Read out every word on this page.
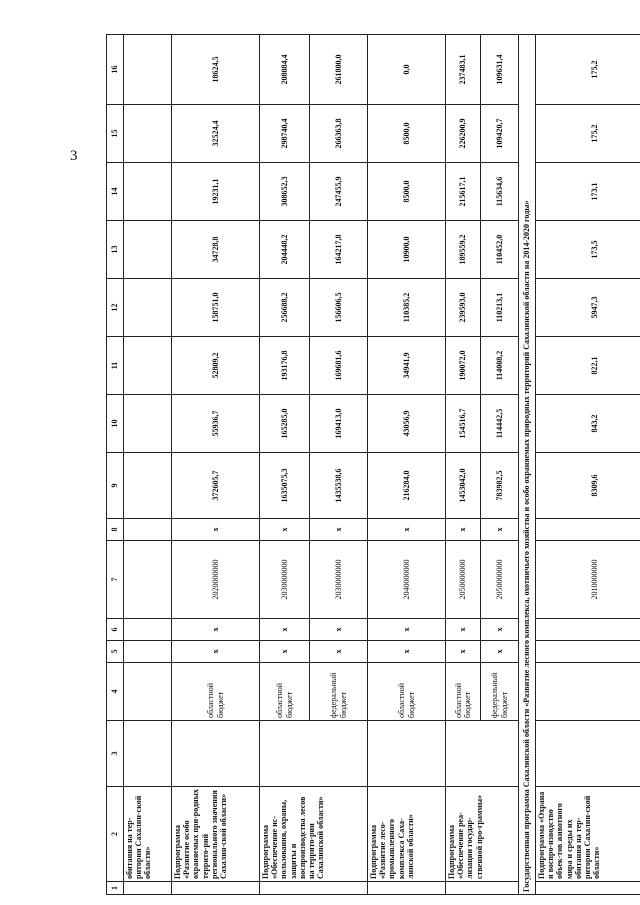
3
1	2	3	4	5	6	7	8	9	10	11	12	13	14	15	16
	обитания на тер-ритории Сахалин-ской области»														
	Подпрограмма «Развитие особо охраняемых при-родных террито-рий регионального значения Сахалин-ской области»		областной бюджет	x	x	2020000000	x	372605,7	55936,7	52809,2	158751,0	34728,8	19231,1	32524,4	18624,5
	Подпрограмма «Обеспечение ис-пользования, охраны, защиты и воспроизводства лесов на террито-рии Сахалинской области»		областной бюджет	x	x	2030000000	x	1635075,3	165285,0	193176,8	256688,2	204448,2	308652,3	298740,4	208084,4
			федеральный бюджет	x	x	2030000000	x	1435538,6	169413,0	169681,6	156606,5	164217,8	247455,9	266363,8	261800,0
	Подпрограмма «Развитие лесо-промышленного комплекса Саха-линской области»		областной бюджет	x	x	2040000000	x	216284,0	43056,9	34941,9	110385,2	10900,0	8500,0	8500,0	0,0
	Подпрограмма «Обеспечение реа-лизации государ-ственной про-граммы»		областной бюджет	x	x	2050000000	x	1453042,0	154516,7	190072,0	239593,0	189559,2	215617,1	226200,9	237483,1
			федеральный бюджет	x	x	2050000000	x	783982,5	114442,5	114008,2	110213,1	110452,0	115634,6	109420,7	109631,4
Государственная программа Сахалинской области «Развитие лесного комплекса, охотничьего хозяйства и особо охраняемых природных территорий Сахалинской области на 2014-2020 годы»															
	Подпрограмма «Охрана и воспро-изводство объек-тов животного мира и среды их обитания на тер-ритории Сахалин-ской области»					2010000000		8309,6	843,2	822,1	5947,3	173,5	173,1	175,2	175,2
